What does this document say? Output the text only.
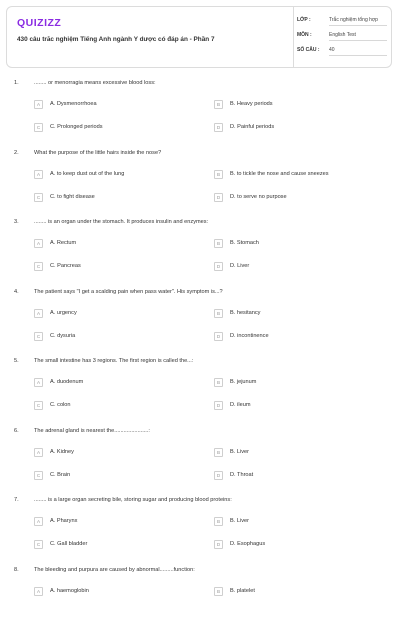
QUIZIZZ
430 câu trắc nghiệm Tiếng Anh ngành Y dược có đáp án - Phần 7
LỚP :	Trắc nghiệm tổng hợp
MÔN :	English Test
SỐ CÂU : 40
1.	........ or menorragia means excessive blood loss:
A	A. Dysmenorrhoea	B	B. Heavy periods
C	C. Prolonged periods	D	D. Painful periods
2.	What the purpose of the little hairs inside the nose?
A	A. to keep dust out of the lung	B	B. to tickle the nose and cause sneezes
C	C. to fight disease	D	D. to serve no purpose
3.	........ is an organ under the stomach. It produces insulin and enzymes:
A	A. Rectum	B	B. Stomach
C	C. Pancreas	D	D. Liver
4.	The patient says "I get a scalding pain when pass water". His symptom is...?
A	A. urgency	B	B. hesitancy
C	C. dysuria	D	D. incontinence
5.	The small intestine has 3 regions. The first region is called the...:
A	A. duodenum	B	B. jejunum
C	C. colon	D	D. ileum
6.	The adrenal gland is nearest the......................:
A	A. Kidney	B	B. Liver
C	C. Brain	D	D. Throat
7.	........ is a large organ secreting bile, storing sugar and producing blood proteins:
A	A. Pharynx	B	B. Liver
C	C. Gall bladder	D	D. Esophagus
8.	The bleeding and purpura are caused by abnormal.........function:
A	A. haemoglobin	B	B. platelet
